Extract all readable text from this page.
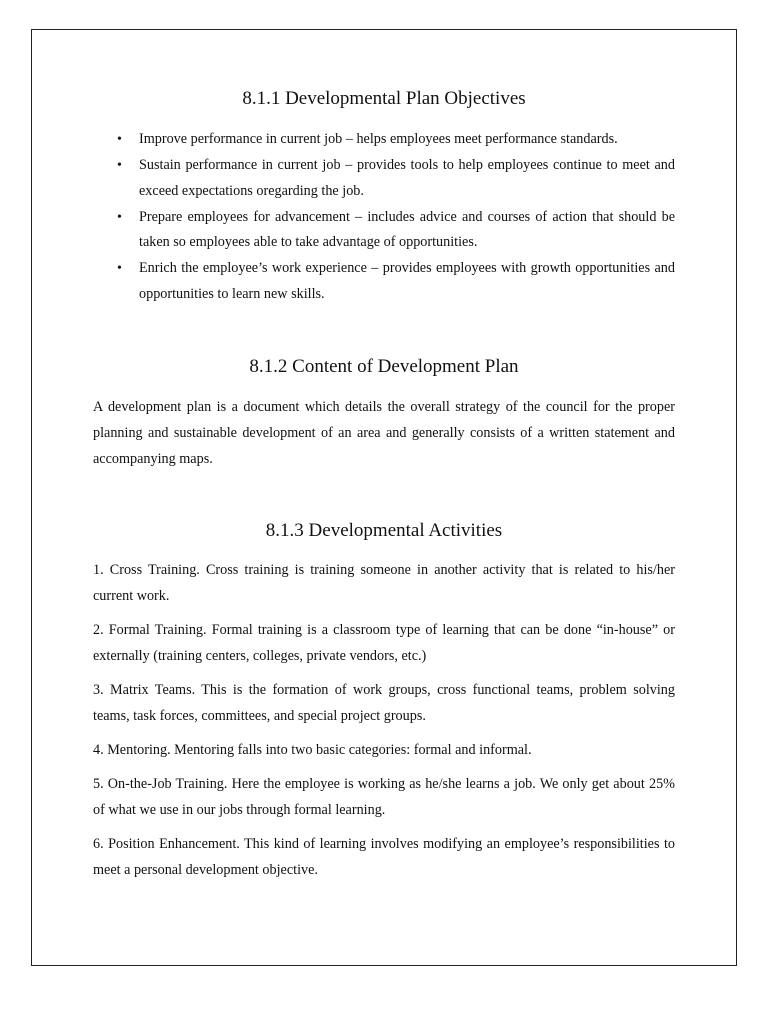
8.1.1 Developmental Plan Objectives
• Improve performance in current job – helps employees meet performance standards.
• Sustain performance in current job – provides tools to help employees continue to meet and exceed expectations oregarding the job.
• Prepare employees for advancement – includes advice and courses of action that should be taken so employees able to take advantage of opportunities.
• Enrich the employee’s work experience – provides employees with growth opportunities and opportunities to learn new skills.
8.1.2 Content of Development Plan

A development plan is a document which details the overall strategy of the council for the proper planning and sustainable development of an area and generally consists of a written statement and accompanying maps.

8.1.3 Developmental Activities

1. Cross Training. Cross training is training someone in another activity that is related to his/her current work.

2. Formal Training. Formal training is a classroom type of learning that can be done “in-house” or externally (training centers, colleges, private vendors, etc.)

3. Matrix Teams. This is the formation of work groups, cross functional teams, problem solving teams, task forces, committees, and special project groups.

4. Mentoring. Mentoring falls into two basic categories: formal and informal.

5. On-the-Job Training. Here the employee is working as he/she learns a job. We only get about 25% of what we use in our jobs through formal learning.

6. Position Enhancement. This kind of learning involves modifying an employee’s responsibilities to meet a personal development objective.
